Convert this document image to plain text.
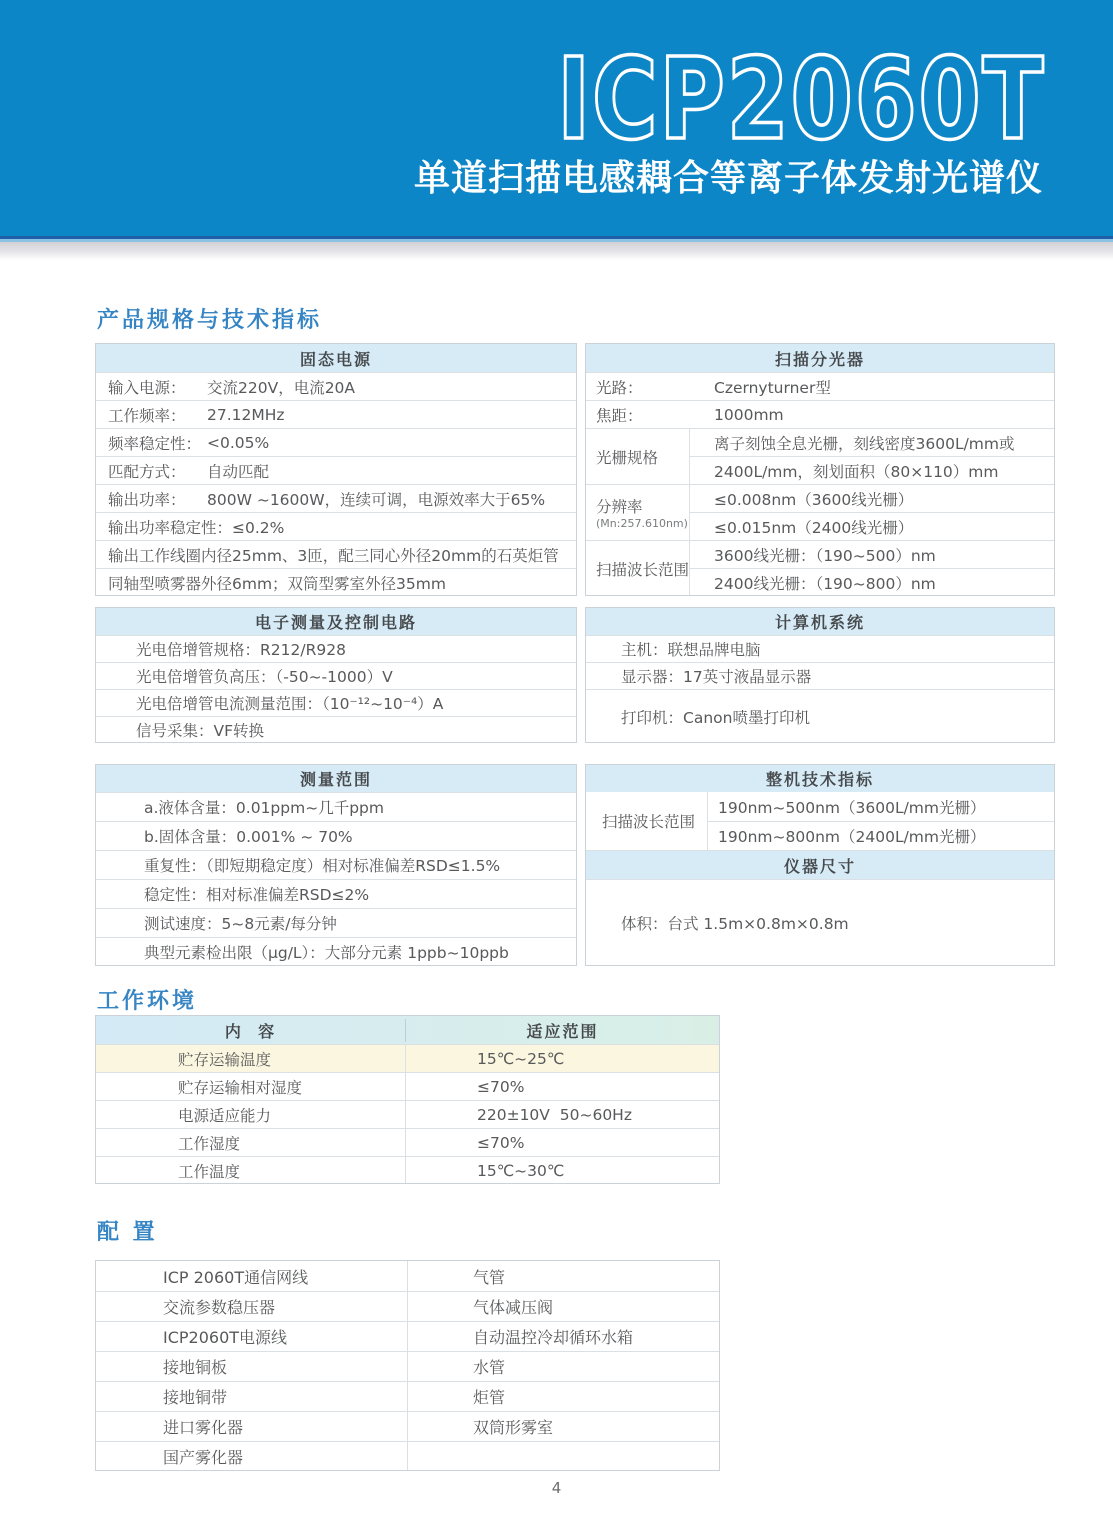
ICP2060T
单道扫描电感耦合等离子体发射光谱仪
产品规格与技术指标
固态电源
输入电源：	交流220V，电流20A
工作频率：	27.12MHz
频率稳定性： <0.05%
匹配方式：	自动匹配
输出功率：	800W ~1600W，连续可调，电源效率大于65%
输出功率稳定性：≤0.2%
输出工作线圈内径25mm、3匝，配三同心外径20mm的石英炬管
同轴型喷雾器外径6mm；双筒型雾室外径35mm
扫描分光器
光路：	Czernyturner型
焦距：	1000mm
光栅规格
离子刻蚀全息光栅，刻线密度3600L/mm或
2400L/mm，刻划面积（80×110）mm
分辨率
(Mn:257.610nm)
≤0.008nm（3600线光栅）
≤0.015nm（2400线光栅）
扫描波长范围
3600线光栅：（190~500）nm
2400线光栅：（190~800）nm
电子测量及控制电路
光电倍增管规格：R212/R928
光电倍增管负高压：（-50~-1000）V
光电倍增管电流测量范围：（10⁻¹²~10⁻⁴）A
信号采集：VF转换
计算机系统
主机：联想品牌电脑
显示器：17英寸液晶显示器
打印机：Canon喷墨打印机
测量范围
a.液体含量：0.01ppm~几千ppm
b.固体含量：0.001% ~ 70%
重复性：（即短期稳定度）相对标准偏差RSD≤1.5%
稳定性：相对标准偏差RSD≤2%
测试速度：5~8元素/每分钟
典型元素检出限（μg/L）：大部分元素 1ppb~10ppb
整机技术指标
扫描波长范围
190nm~500nm（3600L/mm光栅）
190nm~800nm（2400L/mm光栅）
仪器尺寸
体积：台式 1.5m×0.8m×0.8m
工作环境
内  容	适应范围
贮存运输温度	15℃~25℃
贮存运输相对湿度	≤70%
电源适应能力	220±10V  50~60Hz
工作湿度	≤70%
工作温度	15℃~30℃
配 置
ICP 2060T通信网线	气管
交流参数稳压器	气体减压阀
ICP2060T电源线	自动温控冷却循环水箱
接地铜板	水管
接地铜带	炬管
进口雾化器	双筒形雾室
国产雾化器
4
